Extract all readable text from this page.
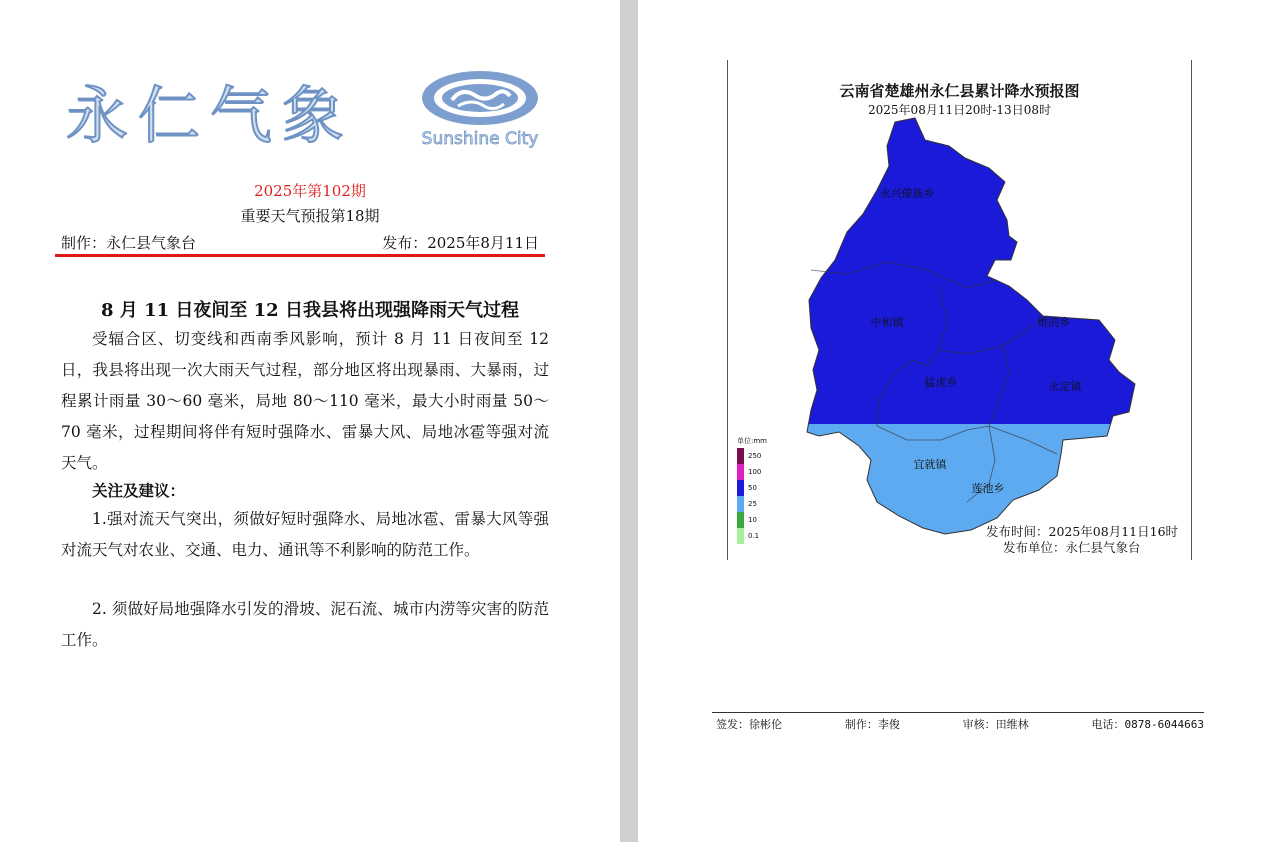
永仁气象	Sunshine City
2025年第102期
重要天气预报第18期
制作：永仁县气象台	发布：2025年8月11日
8 月 11 日夜间至 12 日我县将出现强降雨天气过程
受辐合区、切变线和西南季风影响，预计 8 月 11 日夜间至 12 日，我县将出现一次大雨天气过程，部分地区将出现暴雨、大暴雨，过程累计雨量 30～60 毫米，局地 80～110 毫米，最大小时雨量 50～70 毫米，过程期间将伴有短时强降水、雷暴大风、局地冰雹等强对流天气。
关注及建议：
1.强对流天气突出，须做好短时强降水、局地冰雹、雷暴大风等强对流天气对农业、交通、电力、通讯等不利影响的防范工作。
2. 须做好局地强降水引发的滑坡、泥石流、城市内涝等灾害的防范工作。
云南省楚雄州永仁县累计降水预报图
2025年08月11日20时-13日08时
永兴傣族乡
中和镇	维的乡
猛虎乡	永定镇
宜就镇
莲池乡
单位:mm
250
100
50
25
10
0.1	发布时间：2025年08月11日16时
发布单位：永仁县气象台
签发：徐彬伦	制作：李俊	审核：田维林	电话：0878-6044663
